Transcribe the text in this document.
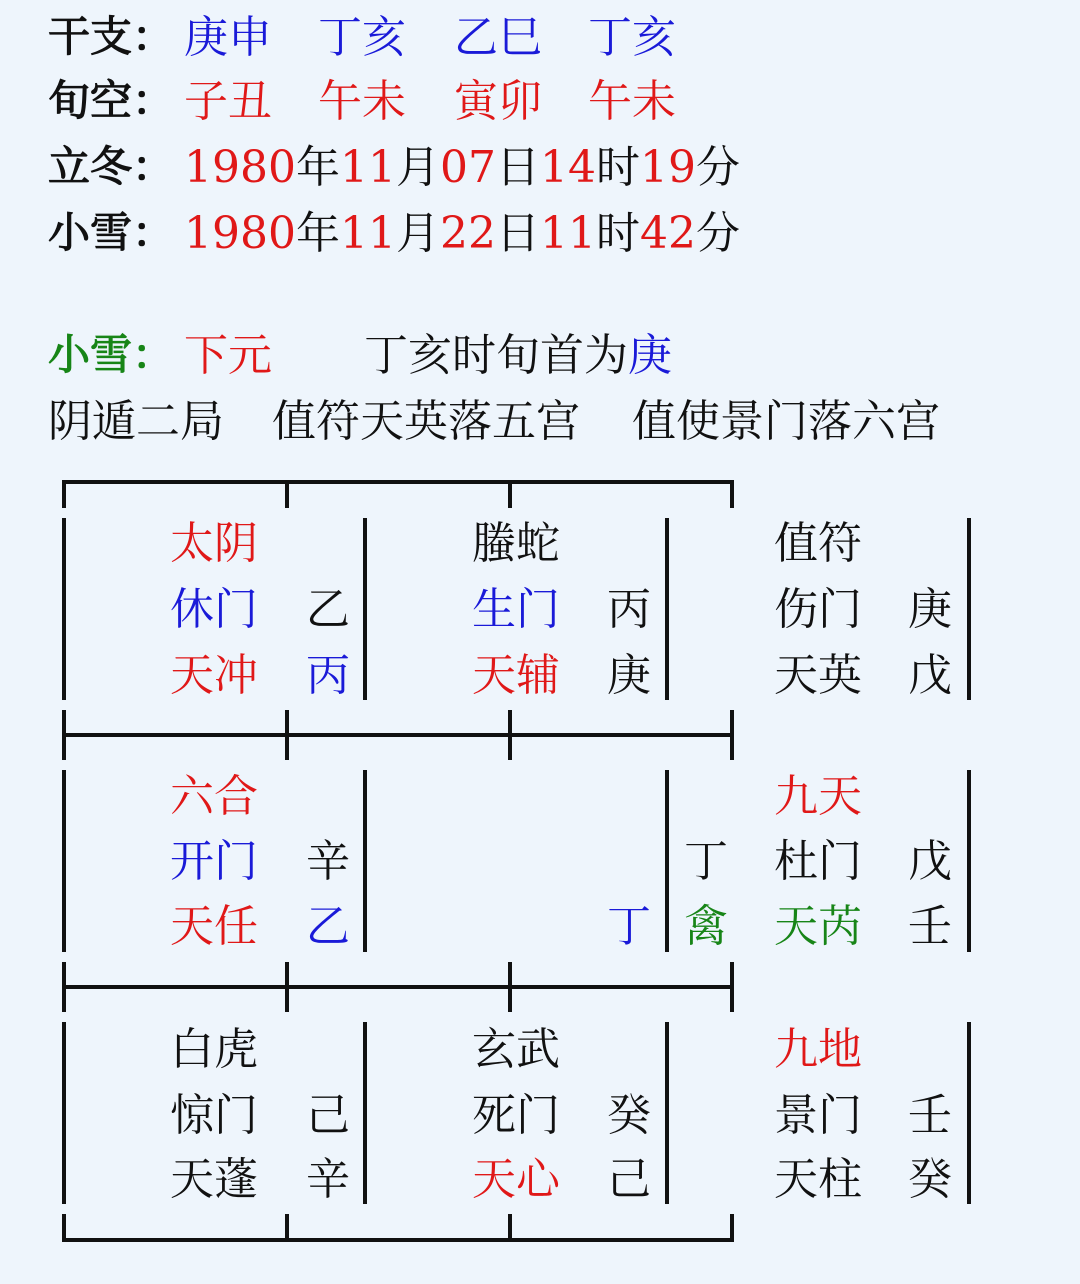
干支： 庚申 丁亥 乙巳 丁亥
旬空： 子丑 午未 寅卯 午未
立冬： 1980年11月07日14时19分
小雪： 1980年11月22日11时42分
小雪： 下元 丁亥时旬首为庚
阴遁二局 值符天英落五宫 值使景门落六宫
太阴
休门 乙
天冲 丙
螣蛇
生门 丙
天辅 庚
值符
伤门 庚
天英 戊
六合
开门 辛
天任 乙	丁
丁
禽
九天
杜门 戊
天芮 壬
白虎
惊门 己
天蓬 辛
玄武
死门 癸
天心 己
九地
景门 壬
天柱 癸
